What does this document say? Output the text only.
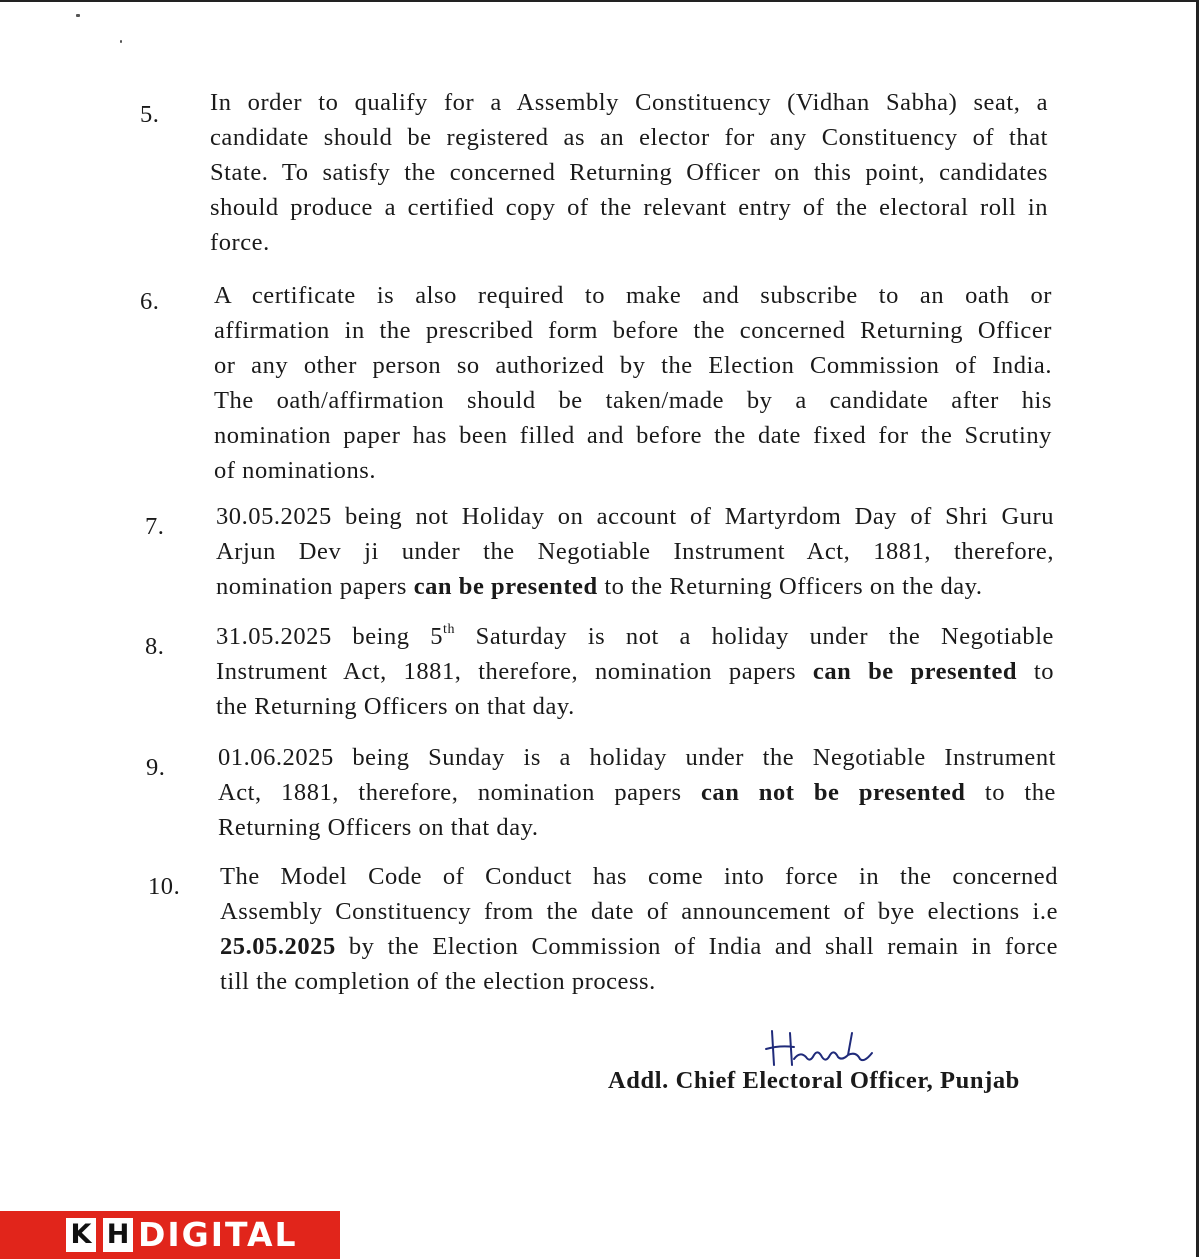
5.	In order to qualify for a Assembly Constituency (Vidhan Sabha) seat, a
candidate should be registered as an elector for any Constituency of that
State. To satisfy the concerned Returning Officer on this point, candidates
should produce a certified copy of the relevant entry of the electoral roll in
force.
6.	A certificate is also required to make and subscribe to an oath or
affirmation in the prescribed form before the concerned Returning Officer
or any other person so authorized by the Election Commission of India.
The oath/affirmation should be taken/made by a candidate after his
nomination paper has been filled and before the date fixed for the Scrutiny
of nominations.
7.	30.05.2025 being not Holiday on account of Martyrdom Day of Shri Guru
Arjun Dev ji under the Negotiable Instrument Act, 1881, therefore,
nomination papers can be presented to the Returning Officers on the day.
8.	31.05.2025 being 5th Saturday is not a holiday under the Negotiable
Instrument Act, 1881, therefore, nomination papers can be presented to
the Returning Officers on that day.
9.	01.06.2025 being Sunday is a holiday under the Negotiable Instrument
Act, 1881, therefore, nomination papers can not be presented to the
Returning Officers on that day.
10.	The Model Code of Conduct has come into force in the concerned
Assembly Constituency from the date of announcement of bye elections i.e
25.05.2025 by the Election Commission of India and shall remain in force
till the completion of the election process.
Addl. Chief Electoral Officer, Punjab
K H DIGITAL
